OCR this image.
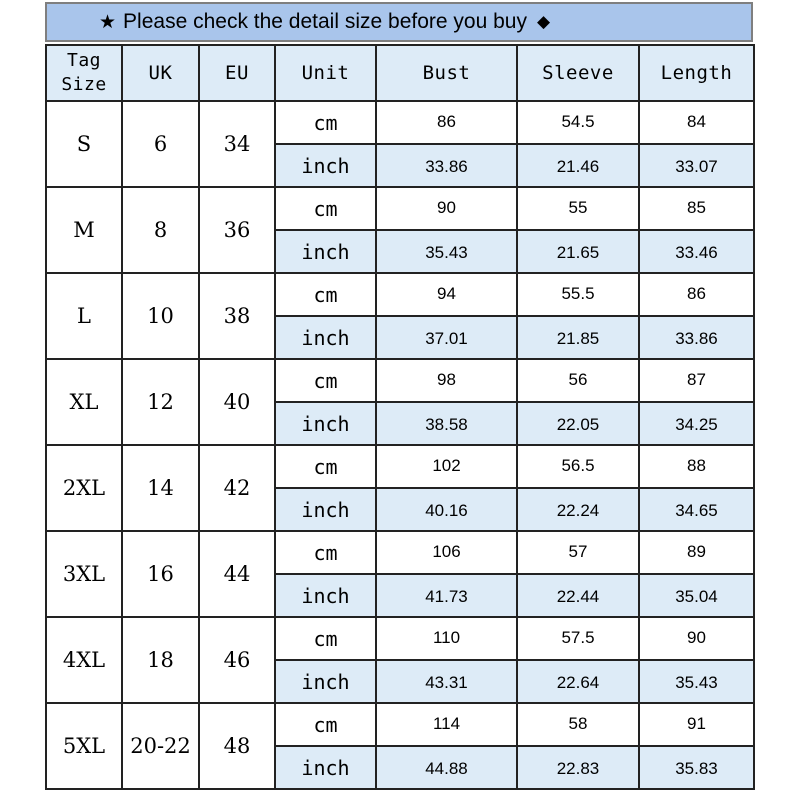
★ Please check the detail size before you buy ◆
Tag
Size	UK	EU	Unit	Bust	Sleeve	Length
S	6	34	cm	86	54.5	84
			inch	33.86	21.46	33.07
M	8	36	cm	90	55	85
			inch	35.43	21.65	33.46
L	10	38	cm	94	55.5	86
			inch	37.01	21.85	33.86
XL	12	40	cm	98	56	87
			inch	38.58	22.05	34.25
2XL	14	42	cm	102	56.5	88
			inch	40.16	22.24	34.65
3XL	16	44	cm	106	57	89
			inch	41.73	22.44	35.04
4XL	18	46	cm	110	57.5	90
			inch	43.31	22.64	35.43
5XL	20-22	48	cm	114	58	91
			inch	44.88	22.83	35.83
